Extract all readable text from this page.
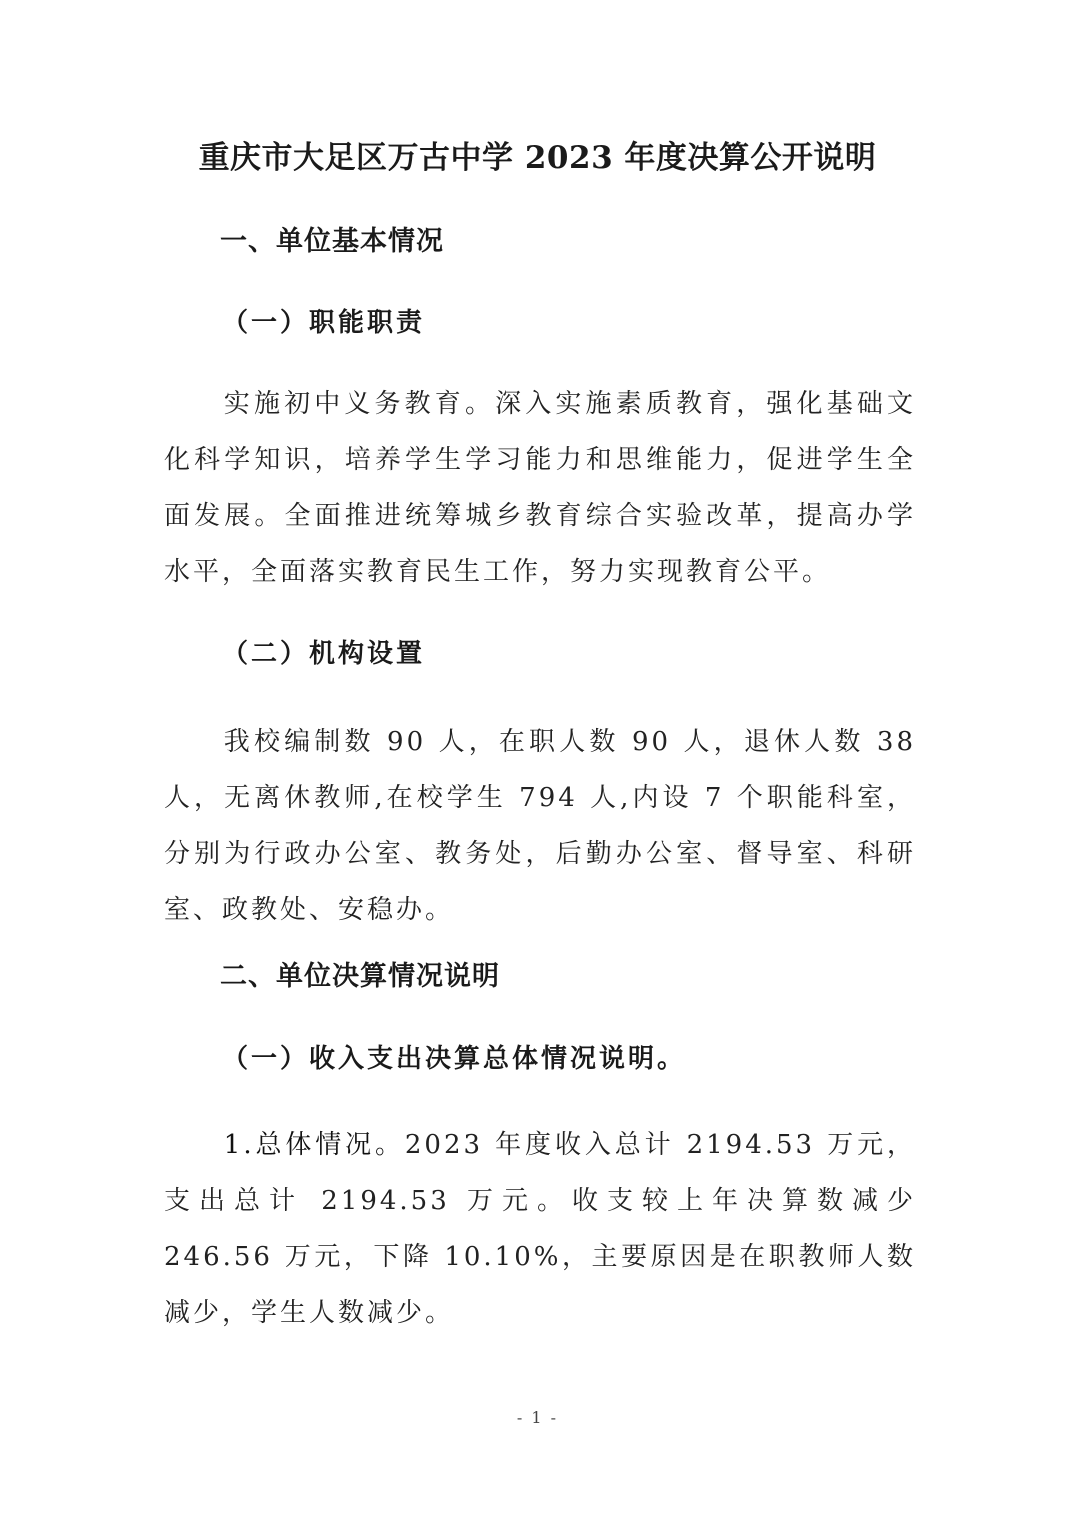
重庆市大足区万古中学 2023 年度决算公开说明
一、单位基本情况
（一）职能职责

实施初中义务教育。深入实施素质教育，强化基础文化科学知识，培养学生学习能力和思维能力，促进学生全面发展。全面推进统筹城乡教育综合实验改革，提高办学水平，全面落实教育民生工作，努力实现教育公平。

（二）机构设置

我校编制数 90 人，在职人数 90 人，退休人数 38 人，无离休教师,在校学生 794 人,内设 7 个职能科室，分别为行政办公室、教务处，后勤办公室、督导室、科研室、政教处、安稳办。

二、单位决算情况说明
（一）收入支出决算总体情况说明。

1.总体情况。2023 年度收入总计 2194.53 万元，支出总计 2194.53 万元。收支较上年决算数减少 246.56 万元，下降 10.10%，主要原因是在职教师人数减少，学生人数减少。

- 1 -
